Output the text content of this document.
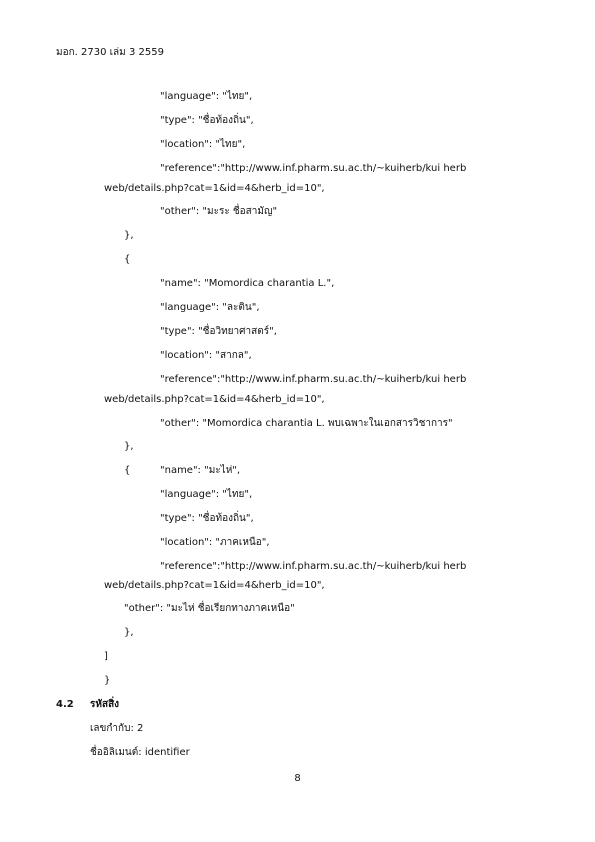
มอก. 2730 เล่ม 3 2559
"language": "ไทย",
"type": "ชื่อท้องถิ่น",
"location": "ไทย",
"reference":"http://www.inf.pharm.su.ac.th/~kuiherb/kui herb
web/details.php?cat=1&id=4&herb_id=10",
"other": "มะระ ชื่อสามัญ"
},
{
"name": "Momordica charantia L.",
"language": "ละติน",
"type": "ชื่อวิทยาศาสตร์",
"location": "สากล",
"reference":"http://www.inf.pharm.su.ac.th/~kuiherb/kui herb
web/details.php?cat=1&id=4&herb_id=10",
"other": "Momordica charantia L. พบเฉพาะในเอกสารวิชาการ"
},
{	"name": "มะไห่",
"language": "ไทย",
"type": "ชื่อท้องถิ่น",
"location": "ภาคเหนือ",
"reference":"http://www.inf.pharm.su.ac.th/~kuiherb/kui herb
web/details.php?cat=1&id=4&herb_id=10",
"other": "มะไห่ ชื่อเรียกทางภาคเหนือ"
},
]
}
4.2 รหัสสิ่ง
เลขกำกับ: 2
ชื่ออิลิเมนต์: identifier
8
